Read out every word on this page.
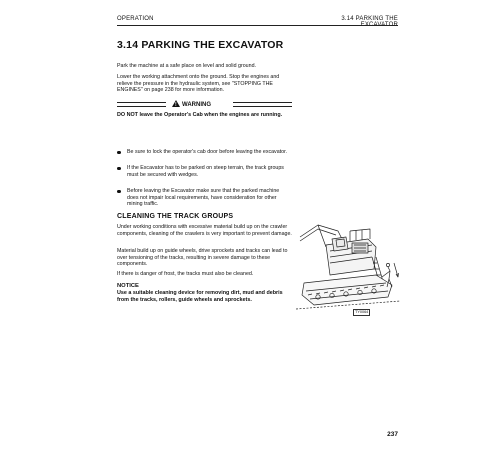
OPERATION	3.14 PARKING THE
3.14 PARKING THE EXCAVATOR

Park the machine at a safe place on level and solid ground.

Lower the working attachment onto the ground. Stop the engines and relieve the pressure in the hydraulic system, see "STOPPING THE ENGINES" on page 238 for more information.

!WARNING

DO NOT leave the Operator's Cab when the engines are running.

Be sure to lock the operator's cab door before leaving the excavator.
If the Excavator has to be parked on steep terrain, the track groups must be secured with wedges.
Before leaving the Excavator make sure that the parked machine does not impair local requirements, have consideration for other mining traffic.
CLEANING THE TRACK GROUPS

Under working conditions with excessive material build up on the crawler components, cleaning of the crawlers is very important to prevent damage.

Material build up on guide wheels, drive sprockets and tracks can lead to over tensioning of the tracks, resulting in severe damage to these components.

If there is danger of frost, the tracks must also be cleaned.

NOTICE

Use a suitable cleaning device for removing dirt, mud and debris from the tracks, rollers, guide wheels and sprockets.

TY0064
237
